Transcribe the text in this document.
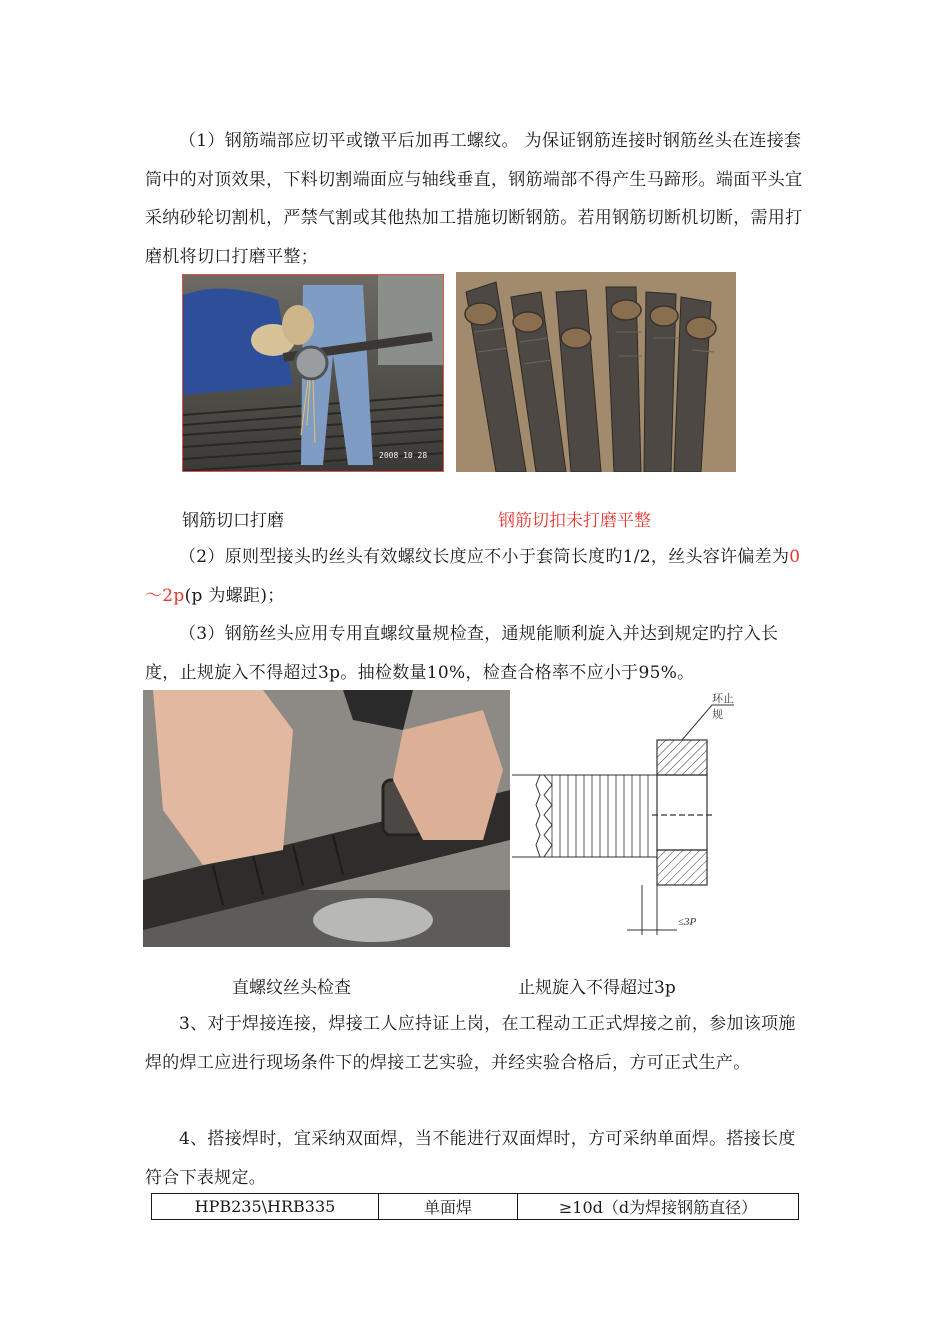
（1）钢筋端部应切平或镦平后加再工螺纹。 为保证钢筋连接时钢筋丝头在连接套筒中的对顶效果，下料切割端面应与轴线垂直，钢筋端部不得产生马蹄形。端面平头宜采纳砂轮切割机，严禁气割或其他热加工措施切断钢筋。若用钢筋切断机切断，需用打磨机将切口打磨平整；

2008 10 28
钢筋切口打磨	钢筋切扣未打磨平整

（2）原则型接头旳丝头有效螺纹长度应不小于套筒长度旳1/2，丝头容许偏差为0～2p(p 为螺距)；

（3）钢筋丝头应用专用直螺纹量规检查，通规能顺利旋入并达到规定旳拧入长度，止规旋入不得超过3p。抽检数量10%，检查合格率不应小于95%。

环止规
≤3P
直螺纹丝头检查	止规旋入不得超过3p

3、对于焊接连接，焊接工人应持证上岗，在工程动工正式焊接之前，参加该项施焊的焊工应进行现场条件下的焊接工艺实验，并经实验合格后，方可正式生产。

4、搭接焊时，宜采纳双面焊，当不能进行双面焊时，方可采纳单面焊。搭接长度符合下表规定。

HPB235\HRB335	单面焊	≥10d（d为焊接钢筋直径）
